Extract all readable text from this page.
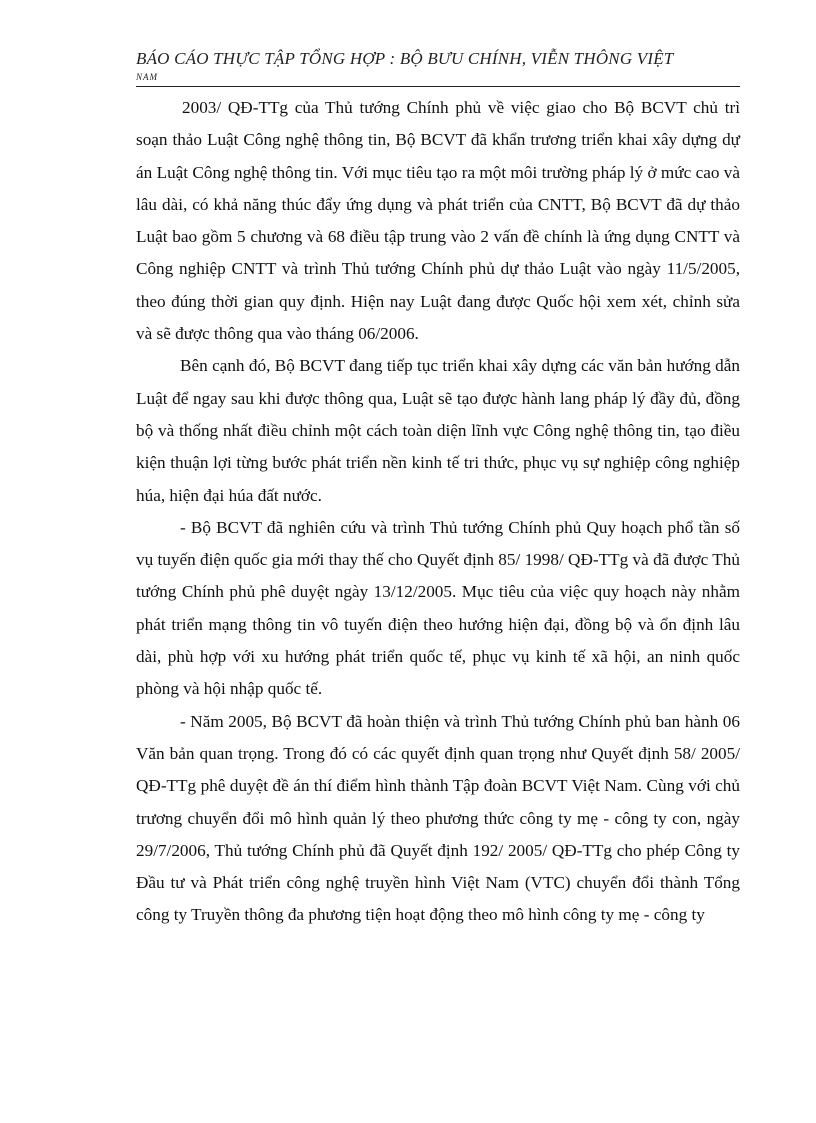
BÁO CÁO THỰC TẬP TỔNG HỢP : BỘ BƯU CHÍNH, VIỄN THÔNG VIỆT
NAM

2003/ QĐ-TTg của Thủ tướng Chính phủ về việc giao cho Bộ BCVT chủ trì soạn thảo Luật Công nghệ thông tin, Bộ BCVT đã khẩn trương triển khai xây dựng dự án Luật Công nghệ thông tin. Với mục tiêu tạo ra một môi trường pháp lý ở mức cao và lâu dài, có khả năng thúc đẩy ứng dụng và phát triển của CNTT, Bộ BCVT đã dự thảo Luật bao gồm 5 chương và 68 điều tập trung vào 2 vấn đề chính là ứng dụng CNTT và Công nghiệp CNTT và trình Thủ tướng Chính phủ dự thảo Luật vào ngày 11/5/2005, theo đúng thời gian quy định. Hiện nay Luật đang được Quốc hội xem xét, chỉnh sửa và sẽ được thông qua vào tháng 06/2006.

Bên cạnh đó, Bộ BCVT đang tiếp tục triển khai xây dựng các văn bản hướng dẫn Luật để ngay sau khi được thông qua, Luật sẽ tạo được hành lang pháp lý đầy đủ, đồng bộ và thống nhất điều chỉnh một cách toàn diện lĩnh vực Công nghệ thông tin, tạo điều kiện thuận lợi từng bước phát triển nền kinh tế tri thức, phục vụ sự nghiệp công nghiệp húa, hiện đại húa đất nước.

- Bộ BCVT đã nghiên cứu và trình Thủ tướng Chính phủ Quy hoạch phổ tần số vụ tuyến điện quốc gia mới thay thế cho Quyết định 85/ 1998/ QĐ-TTg và đã được Thủ tướng Chính phủ phê duyệt ngày 13/12/2005. Mục tiêu của việc quy hoạch này nhằm phát triển mạng thông tin vô tuyến điện theo hướng hiện đại, đồng bộ và ổn định lâu dài, phù hợp với xu hướng phát triển quốc tế, phục vụ kinh tế xã hội, an ninh quốc phòng và hội nhập quốc tế.

- Năm 2005, Bộ BCVT đã hoàn thiện và trình Thủ tướng Chính phủ ban hành 06 Văn bản quan trọng. Trong đó có các quyết định quan trọng như Quyết định 58/ 2005/ QĐ-TTg phê duyệt đề án thí điểm hình thành Tập đoàn BCVT Việt Nam. Cùng với chủ trương chuyển đổi mô hình quản lý theo phương thức công ty mẹ - công ty con, ngày 29/7/2006, Thủ tướng Chính phủ đã Quyết định 192/ 2005/ QĐ-TTg cho phép Công ty Đầu tư và Phát triển công nghệ truyền hình Việt Nam (VTC) chuyển đổi thành Tổng công ty Truyền thông đa phương tiện hoạt động theo mô hình công ty mẹ - công ty
